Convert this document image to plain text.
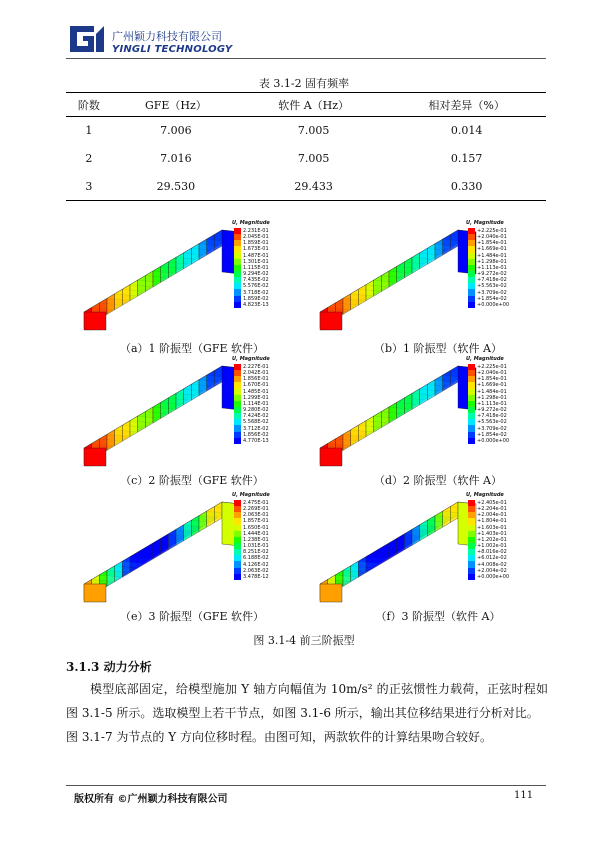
广州颖力科技有限公司
YINGLI TECHNOLOGY
表 3.1-2 固有频率
阶数	GFE（Hz）	软件 A（Hz）	相对差异（%）
1	7.006	7.005	0.014
2	7.016	7.005	0.157
3	29.530	29.433	0.330
U, Magnitude
2.231E-01
2.045E-01
1.859E-01
1.673E-01
1.487E-01
1.301E-01
1.115E-01
9.294E-02
7.435E-02
5.576E-02
3.718E-02
1.859E-02
4.823E-13
（a）1 阶振型（GFE 软件）
U, Magnitude
+2.225e-01
+2.040e-01
+1.854e-01
+1.669e-01
+1.484e-01
+1.298e-01
+1.113e-01
+9.272e-02
+7.418e-02
+5.563e-02
+3.709e-02
+1.854e-02
+0.000e+00
（b）1 阶振型（软件 A）
U, Magnitude
2.227E-01
2.042E-01
1.856E-01
1.670E-01
1.485E-01
1.299E-01
1.114E-01
9.280E-02
7.424E-02
5.568E-02
3.712E-02
1.856E-02
4.770E-13
（c）2 阶振型（GFE 软件）
U, Magnitude
+2.225e-01
+2.040e-01
+1.854e-01
+1.669e-01
+1.484e-01
+1.298e-01
+1.113e-01
+9.272e-02
+7.418e-02
+5.563e-02
+3.709e-02
+1.854e-02
+0.000e+00
（d）2 阶振型（软件 A）
U, Magnitude
2.475E-01
2.269E-01
2.063E-01
1.857E-01
1.650E-01
1.444E-01
1.238E-01
1.031E-01
8.251E-02
6.188E-02
4.126E-02
2.063E-02
3.478E-12
（e）3 阶振型（GFE 软件）
U, Magnitude
+2.405e-01
+2.204e-01
+2.004e-01
+1.804e-01
+1.603e-01
+1.403e-01
+1.202e-01
+1.002e-01
+8.016e-02
+6.012e-02
+4.008e-02
+2.004e-02
+0.000e+00
（f）3 阶振型（软件 A）
图 3.1-4 前三阶振型
3.1.3 动力分析
模型底部固定，给模型施加 Y 轴方向幅值为 10m/s² 的正弦惯性力载荷，正弦时程如图 3.1-5 所示。选取模型上若干节点，如图 3.1-6 所示，输出其位移结果进行分析对比。
图 3.1-7 为节点的 Y 方向位移时程。由图可知，两款软件的计算结果吻合较好。
版权所有 ©广州颖力科技有限公司	111
